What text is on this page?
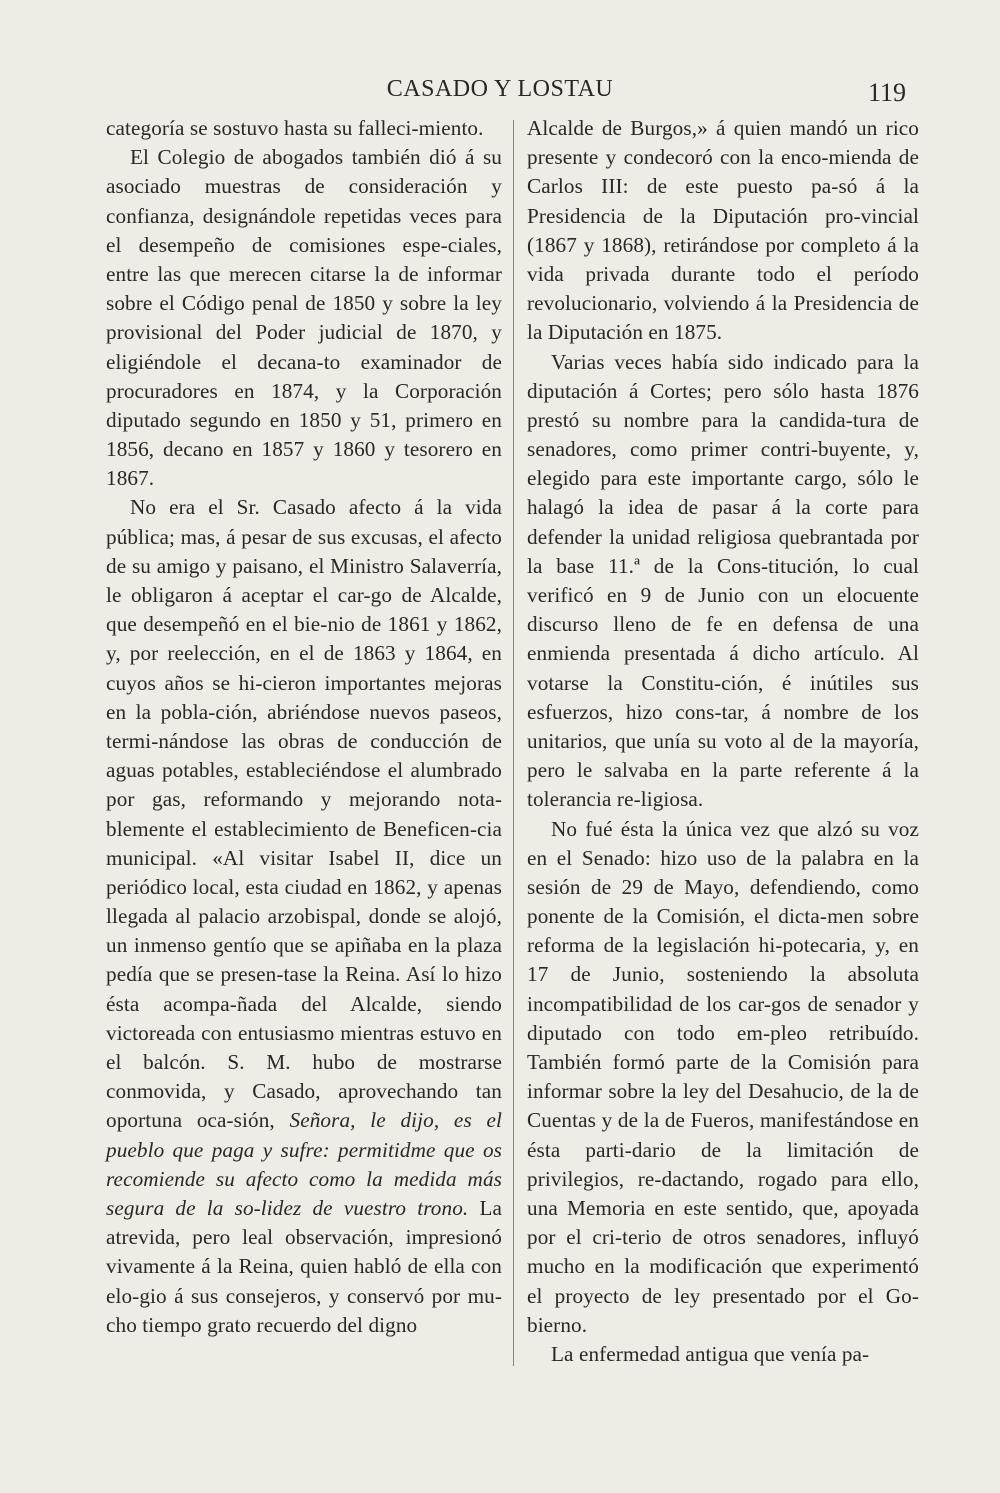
CASADO Y LOSTAU	119

categoría se sostuvo hasta su falleci-miento.

El Colegio de abogados también dió á su asociado muestras de consideración y confianza, designándole repetidas veces para el desempeño de comisiones espe-ciales, entre las que merecen citarse la de informar sobre el Código penal de 1850 y sobre la ley provisional del Poder judicial de 1870, y eligiéndole el decana-to examinador de procuradores en 1874, y la Corporación diputado segundo en 1850 y 51, primero en 1856, decano en 1857 y 1860 y tesorero en 1867.

No era el Sr. Casado afecto á la vida pública; mas, á pesar de sus excusas, el afecto de su amigo y paisano, el Ministro Salaverría, le obligaron á aceptar el car-go de Alcalde, que desempeñó en el bie-nio de 1861 y 1862, y, por reelección, en el de 1863 y 1864, en cuyos años se hi-cieron importantes mejoras en la pobla-ción, abriéndose nuevos paseos, termi-nándose las obras de conducción de aguas potables, estableciéndose el alumbrado por gas, reformando y mejorando nota-blemente el establecimiento de Beneficen-cia municipal. «Al visitar Isabel II, dice un periódico local, esta ciudad en 1862, y apenas llegada al palacio arzobispal, donde se alojó, un inmenso gentío que se apiñaba en la plaza pedía que se presen-tase la Reina. Así lo hizo ésta acompa-ñada del Alcalde, siendo victoreada con entusiasmo mientras estuvo en el balcón. S. M. hubo de mostrarse conmovida, y Casado, aprovechando tan oportuna oca-sión, Señora, le dijo, es el pueblo que paga y sufre: permitidme que os recomiende su afecto como la medida más segura de la so-lidez de vuestro trono. La atrevida, pero leal observación, impresionó vivamente á la Reina, quien habló de ella con elo-gio á sus consejeros, y conservó por mu-cho tiempo grato recuerdo del digno

Alcalde de Burgos,» á quien mandó un rico presente y condecoró con la enco-mienda de Carlos III: de este puesto pa-só á la Presidencia de la Diputación pro-vincial (1867 y 1868), retirándose por completo á la vida privada durante todo el período revolucionario, volviendo á la Presidencia de la Diputación en 1875.

Varias veces había sido indicado para la diputación á Cortes; pero sólo hasta 1876 prestó su nombre para la candida-tura de senadores, como primer contri-buyente, y, elegido para este importante cargo, sólo le halagó la idea de pasar á la corte para defender la unidad religiosa quebrantada por la base 11.ª de la Cons-titución, lo cual verificó en 9 de Junio con un elocuente discurso lleno de fe en defensa de una enmienda presentada á dicho artículo. Al votarse la Constitu-ción, é inútiles sus esfuerzos, hizo cons-tar, á nombre de los unitarios, que unía su voto al de la mayoría, pero le salvaba en la parte referente á la tolerancia re-ligiosa.

No fué ésta la única vez que alzó su voz en el Senado: hizo uso de la palabra en la sesión de 29 de Mayo, defendiendo, como ponente de la Comisión, el dicta-men sobre reforma de la legislación hi-potecaria, y, en 17 de Junio, sosteniendo la absoluta incompatibilidad de los car-gos de senador y diputado con todo em-pleo retribuído. También formó parte de la Comisión para informar sobre la ley del Desahucio, de la de Cuentas y de la de Fueros, manifestándose en ésta parti-dario de la limitación de privilegios, re-dactando, rogado para ello, una Memoria en este sentido, que, apoyada por el cri-terio de otros senadores, influyó mucho en la modificación que experimentó el proyecto de ley presentado por el Go-bierno.

La enfermedad antigua que venía pa-
